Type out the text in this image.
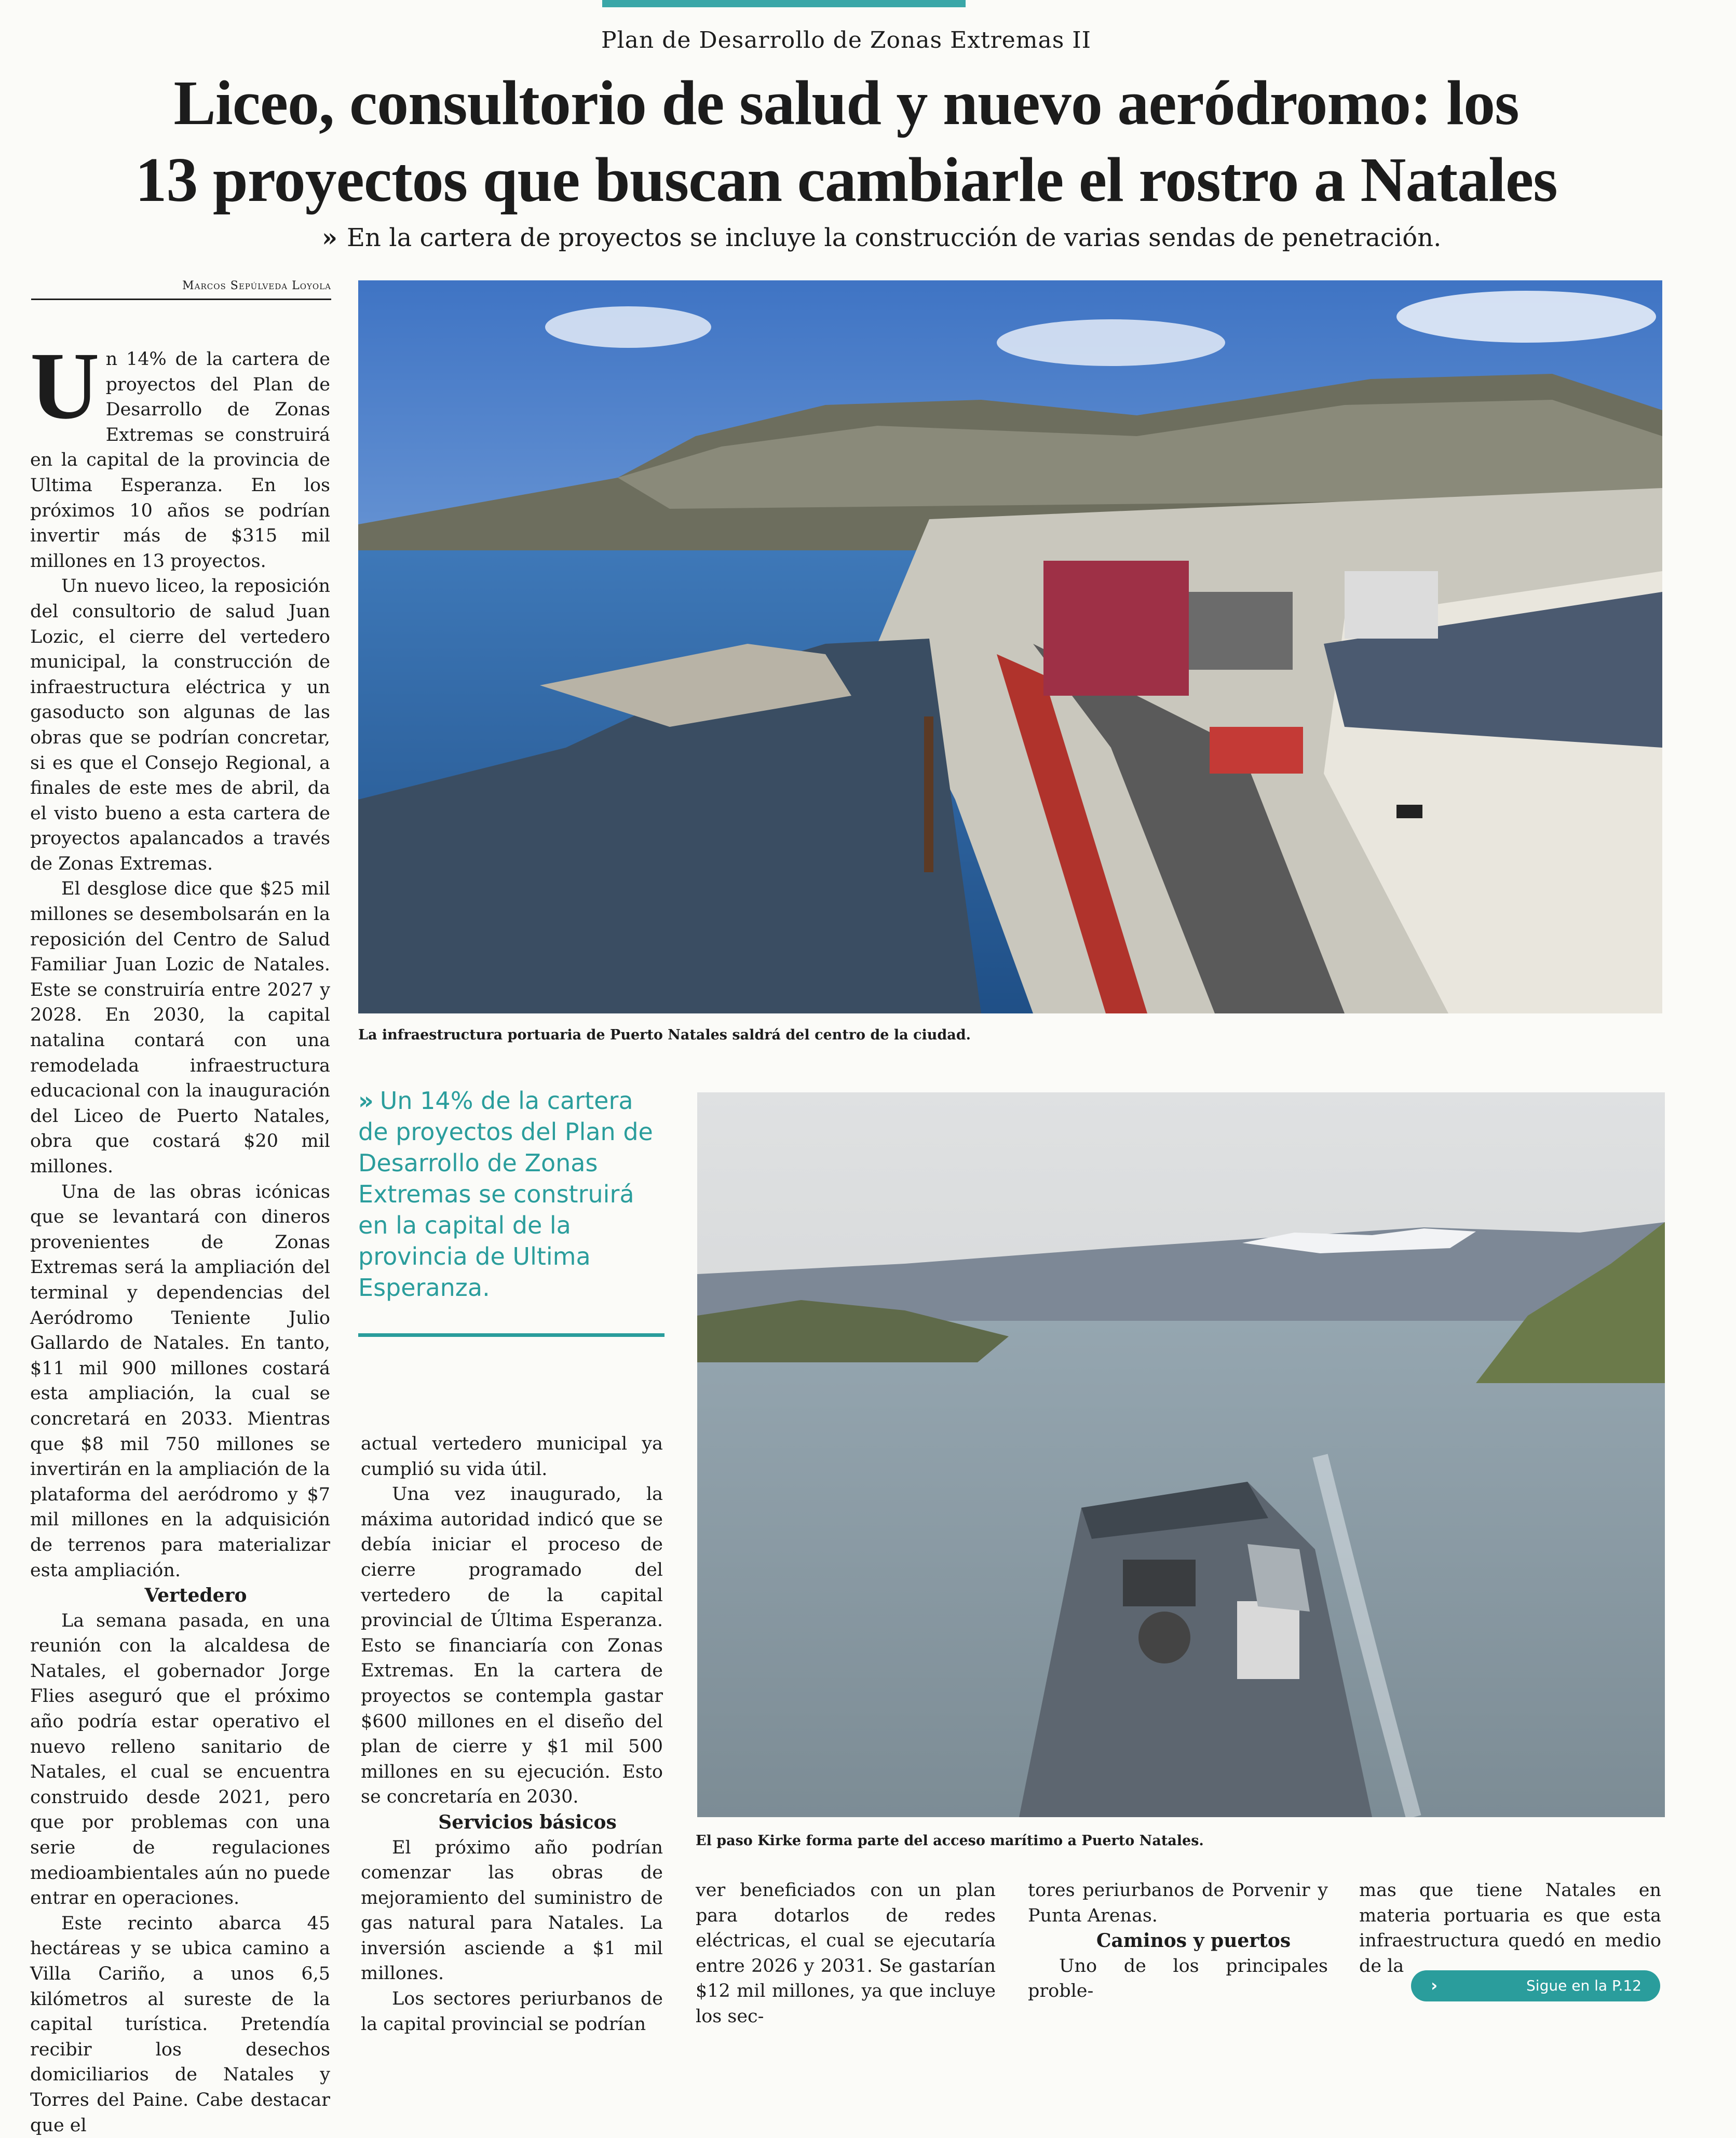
Plan de Desarrollo de Zonas Extremas II
Liceo, consultorio de salud y nuevo aeródromo: los
13 proyectos que buscan cambiarle el rostro a Natales
» En la cartera de proyectos se incluye la construcción de varias sendas de penetración.
Marcos Sepúlveda Loyola

Un 14% de la cartera de proyectos del Plan de Desarrollo de Zonas Extremas se construirá en la capital de la provincia de Ultima Esperanza. En los próximos 10 años se podrían invertir más de $315 mil millones en 13 proyectos.

Un nuevo liceo, la reposición del consultorio de salud Juan Lozic, el cierre del vertedero municipal, la construcción de infraestructura eléctrica y un gasoducto son algunas de las obras que se podrían concretar, si es que el Consejo Regional, a finales de este mes de abril, da el visto bueno a esta cartera de proyectos apalancados a través de Zonas Extremas.

El desglose dice que $25 mil millones se desembolsarán en la reposición del Centro de Salud Familiar Juan Lozic de Natales. Este se construiría entre 2027 y 2028. En 2030, la capital natalina contará con una remodelada infraestructura educacional con la inauguración del Liceo de Puerto Natales, obra que costará $20 mil millones.

Una de las obras icónicas que se levantará con dineros provenientes de Zonas Extremas será la ampliación del terminal y dependencias del Aeródromo Teniente Julio Gallardo de Natales. En tanto, $11 mil 900 millones costará esta ampliación, la cual se concretará en 2033. Mientras que $8 mil 750 millones se invertirán en la ampliación de la plataforma del aeródromo y $7 mil millones en la adquisición de terrenos para materializar esta ampliación.

Vertedero

La semana pasada, en una reunión con la alcaldesa de Natales, el gobernador Jorge Flies aseguró que el próximo año podría estar operativo el nuevo relleno sanitario de Natales, el cual se encuentra construido desde 2021, pero que por problemas con una serie de regulaciones medioambientales aún no puede entrar en operaciones.

Este recinto abarca 45 hectáreas y se ubica camino a Villa Cariño, a unos 6,5 kilómetros al sureste de la capital turística. Pretendía recibir los desechos domiciliarios de Natales y Torres del Paine. Cabe destacar que el

La infraestructura portuaria de Puerto Natales saldrá del centro de la ciudad.
» Un 14% de la cartera de proyectos del Plan de Desarrollo de Zonas Extremas se construirá en la capital de la provincia de Ultima Esperanza.

actual vertedero municipal ya cumplió su vida útil.

Una vez inaugurado, la máxima autoridad indicó que se debía iniciar el proceso de cierre programado del vertedero de la capital provincial de Última Esperanza. Esto se financiaría con Zonas Extremas. En la cartera de proyectos se contempla gastar $600 millones en el diseño del plan de cierre y $1 mil 500 millones en su ejecución. Esto se concretaría en 2030.

Servicios básicos

El próximo año podrían comenzar las obras de mejoramiento del suministro de gas natural para Natales. La inversión asciende a $1 mil millones.

Los sectores periurbanos de la capital provincial se podrían

El paso Kirke forma parte del acceso marítimo a Puerto Natales.

ver beneficiados con un plan para dotarlos de redes eléctricas, el cual se ejecutaría entre 2026 y 2031. Se gastarían $12 mil millones, ya que incluye los sec-

tores periurbanos de Porvenir y Punta Arenas.

Caminos y puertos

Uno de los principales proble-

mas que tiene Natales en materia portuaria es que esta infraestructura quedó en medio de la

›	Sigue en la P.12
